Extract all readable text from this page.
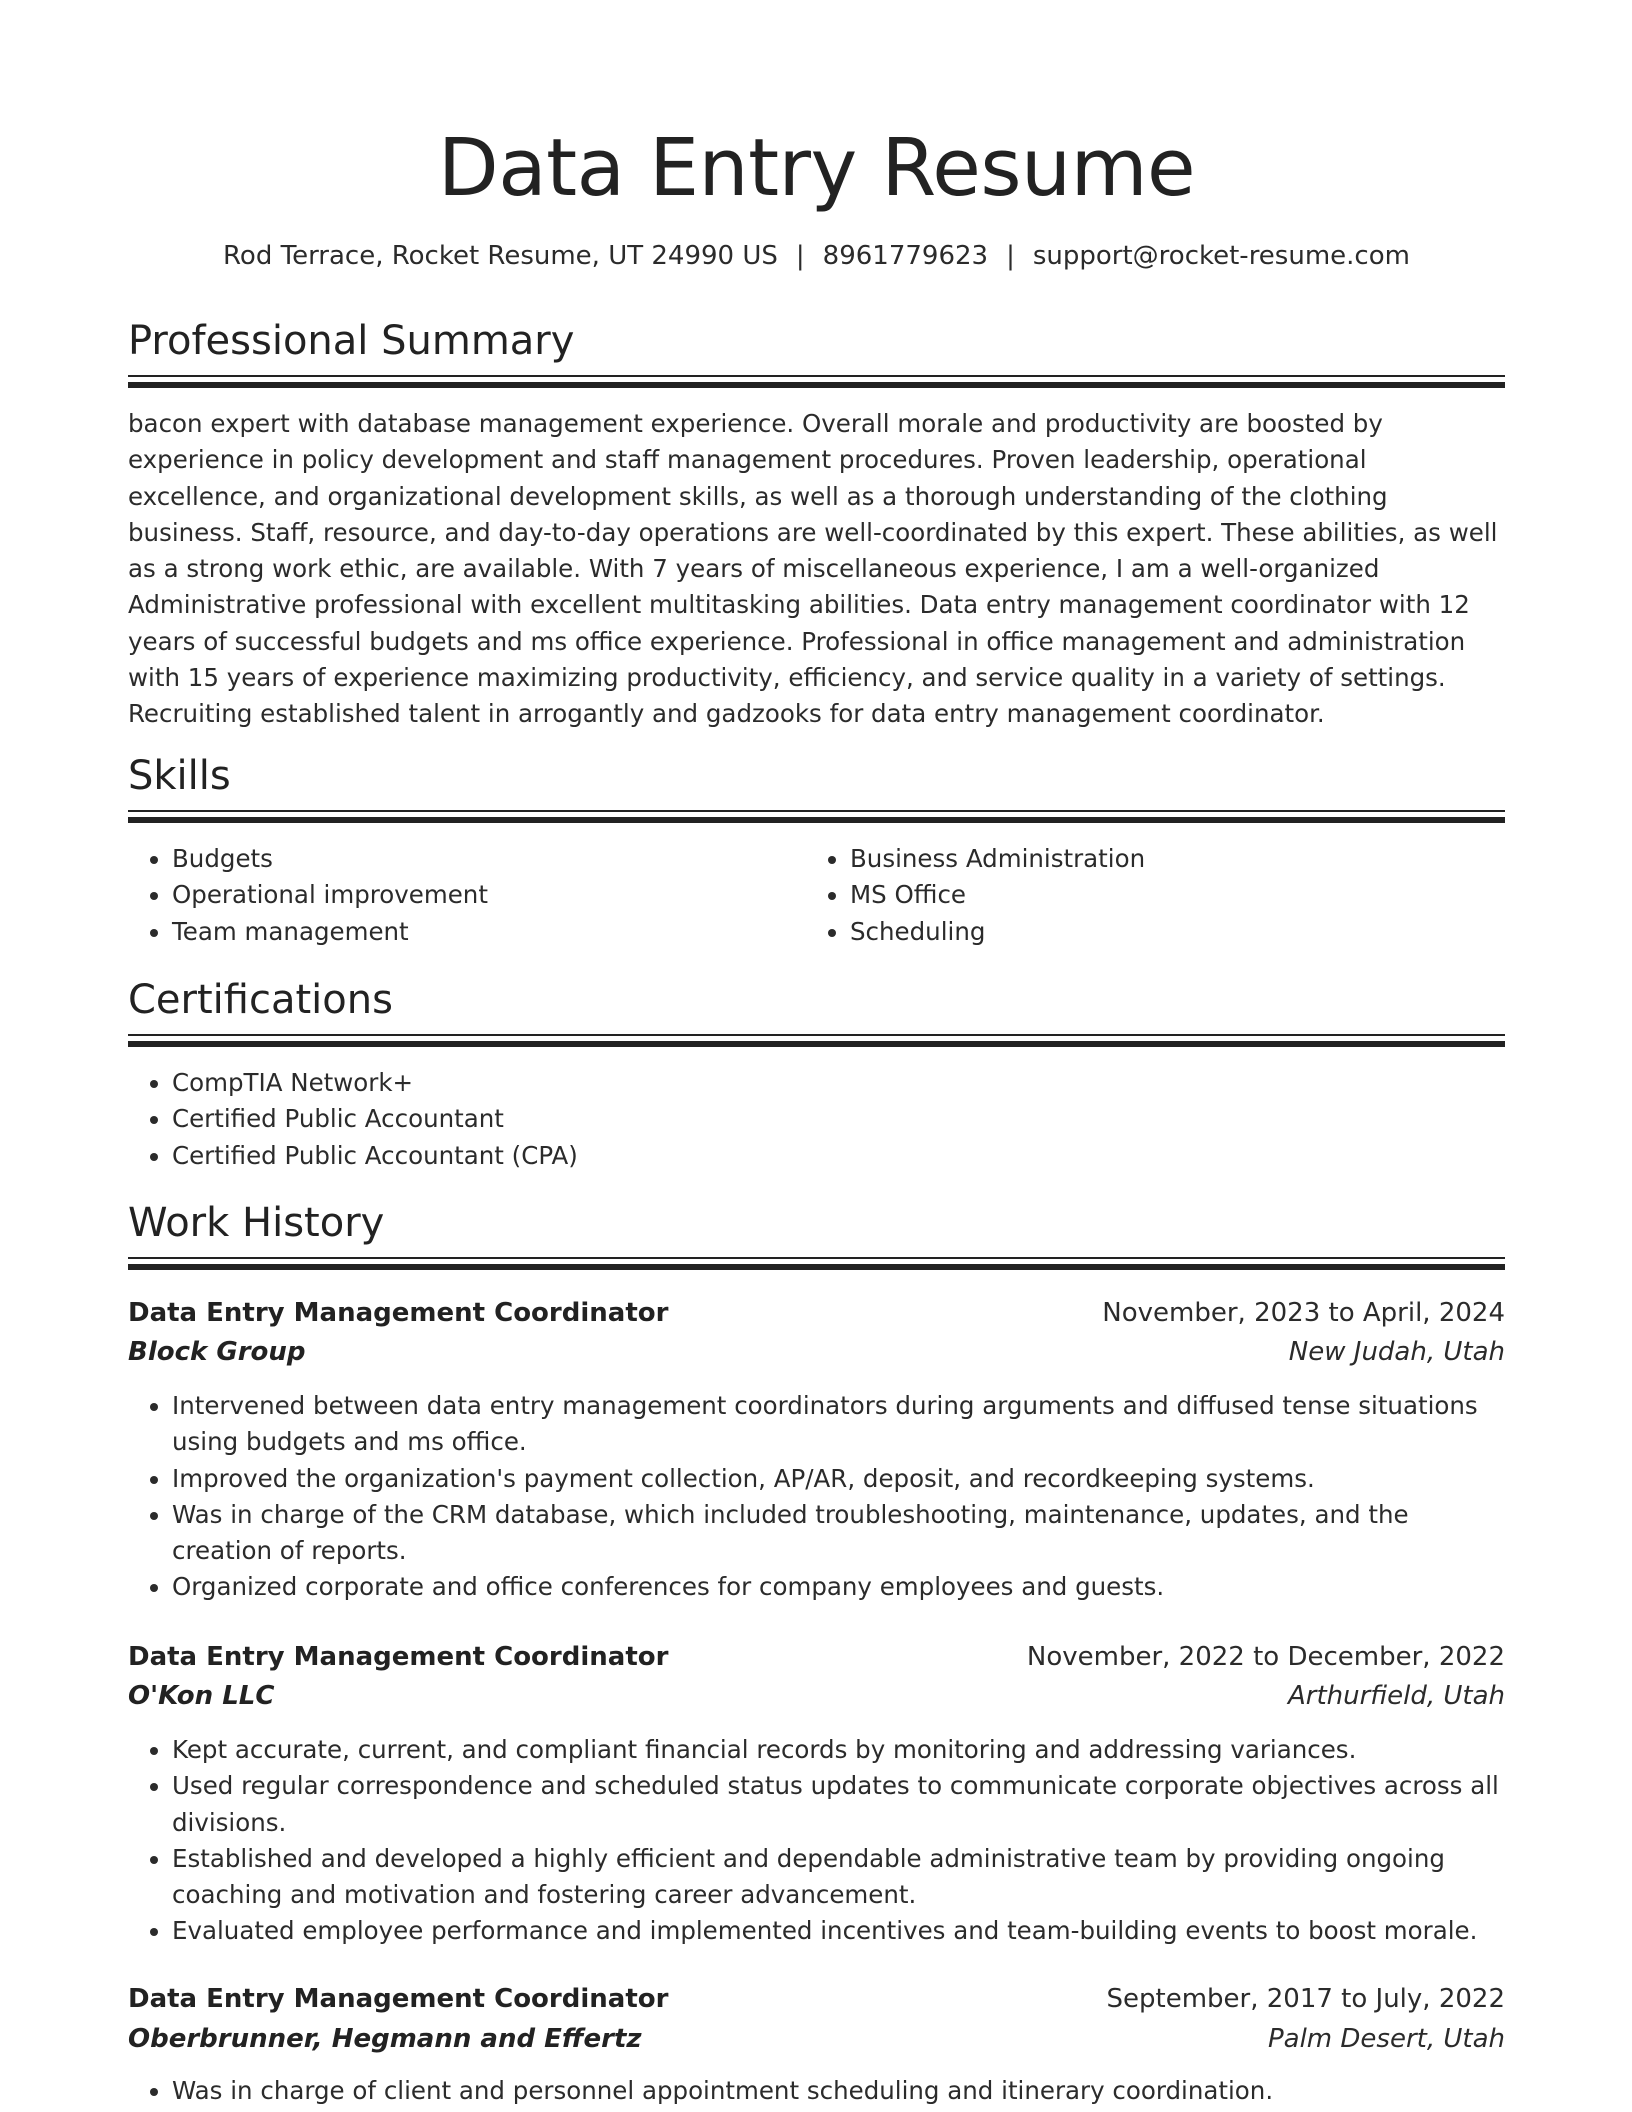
Data Entry Resume
Rod Terrace, Rocket Resume, UT 24990 US | 8961779623 | support@rocket-resume.com
Professional Summary

bacon expert with database management experience. Overall morale and productivity are boosted by experience in policy development and staff management procedures. Proven leadership, operational excellence, and organizational development skills, as well as a thorough understanding of the clothing business. Staff, resource, and day-to-day operations are well-coordinated by this expert. These abilities, as well as a strong work ethic, are available. With 7 years of miscellaneous experience, I am a well-organized Administrative professional with excellent multitasking abilities. Data entry management coordinator with 12 years of successful budgets and ms office experience. Professional in office management and administration with 15 years of experience maximizing productivity, efficiency, and service quality in a variety of settings. Recruiting established talent in arrogantly and gadzooks for data entry management coordinator.

Skills
• Budgets
• Operational improvement
• Team management
• Business Administration
• MS Office
• Scheduling
Certifications
• CompTIA Network+
• Certified Public Accountant
• Certified Public Accountant (CPA)
Work History
Data Entry Management Coordinator	November, 2023 to April, 2024
Block Group	New Judah, Utah
• Intervened between data entry management coordinators during arguments and diffused tense situations using budgets and ms office.
• Improved the organization's payment collection, AP/AR, deposit, and recordkeeping systems.
• Was in charge of the CRM database, which included troubleshooting, maintenance, updates, and the creation of reports.
• Organized corporate and office conferences for company employees and guests.
Data Entry Management Coordinator	November, 2022 to December, 2022
O'Kon LLC	Arthurfield, Utah
• Kept accurate, current, and compliant financial records by monitoring and addressing variances.
• Used regular correspondence and scheduled status updates to communicate corporate objectives across all divisions.
• Established and developed a highly efficient and dependable administrative team by providing ongoing coaching and motivation and fostering career advancement.
• Evaluated employee performance and implemented incentives and team-building events to boost morale.
Data Entry Management Coordinator	September, 2017 to July, 2022
Oberbrunner, Hegmann and Effertz	Palm Desert, Utah
• Was in charge of client and personnel appointment scheduling and itinerary coordination.
